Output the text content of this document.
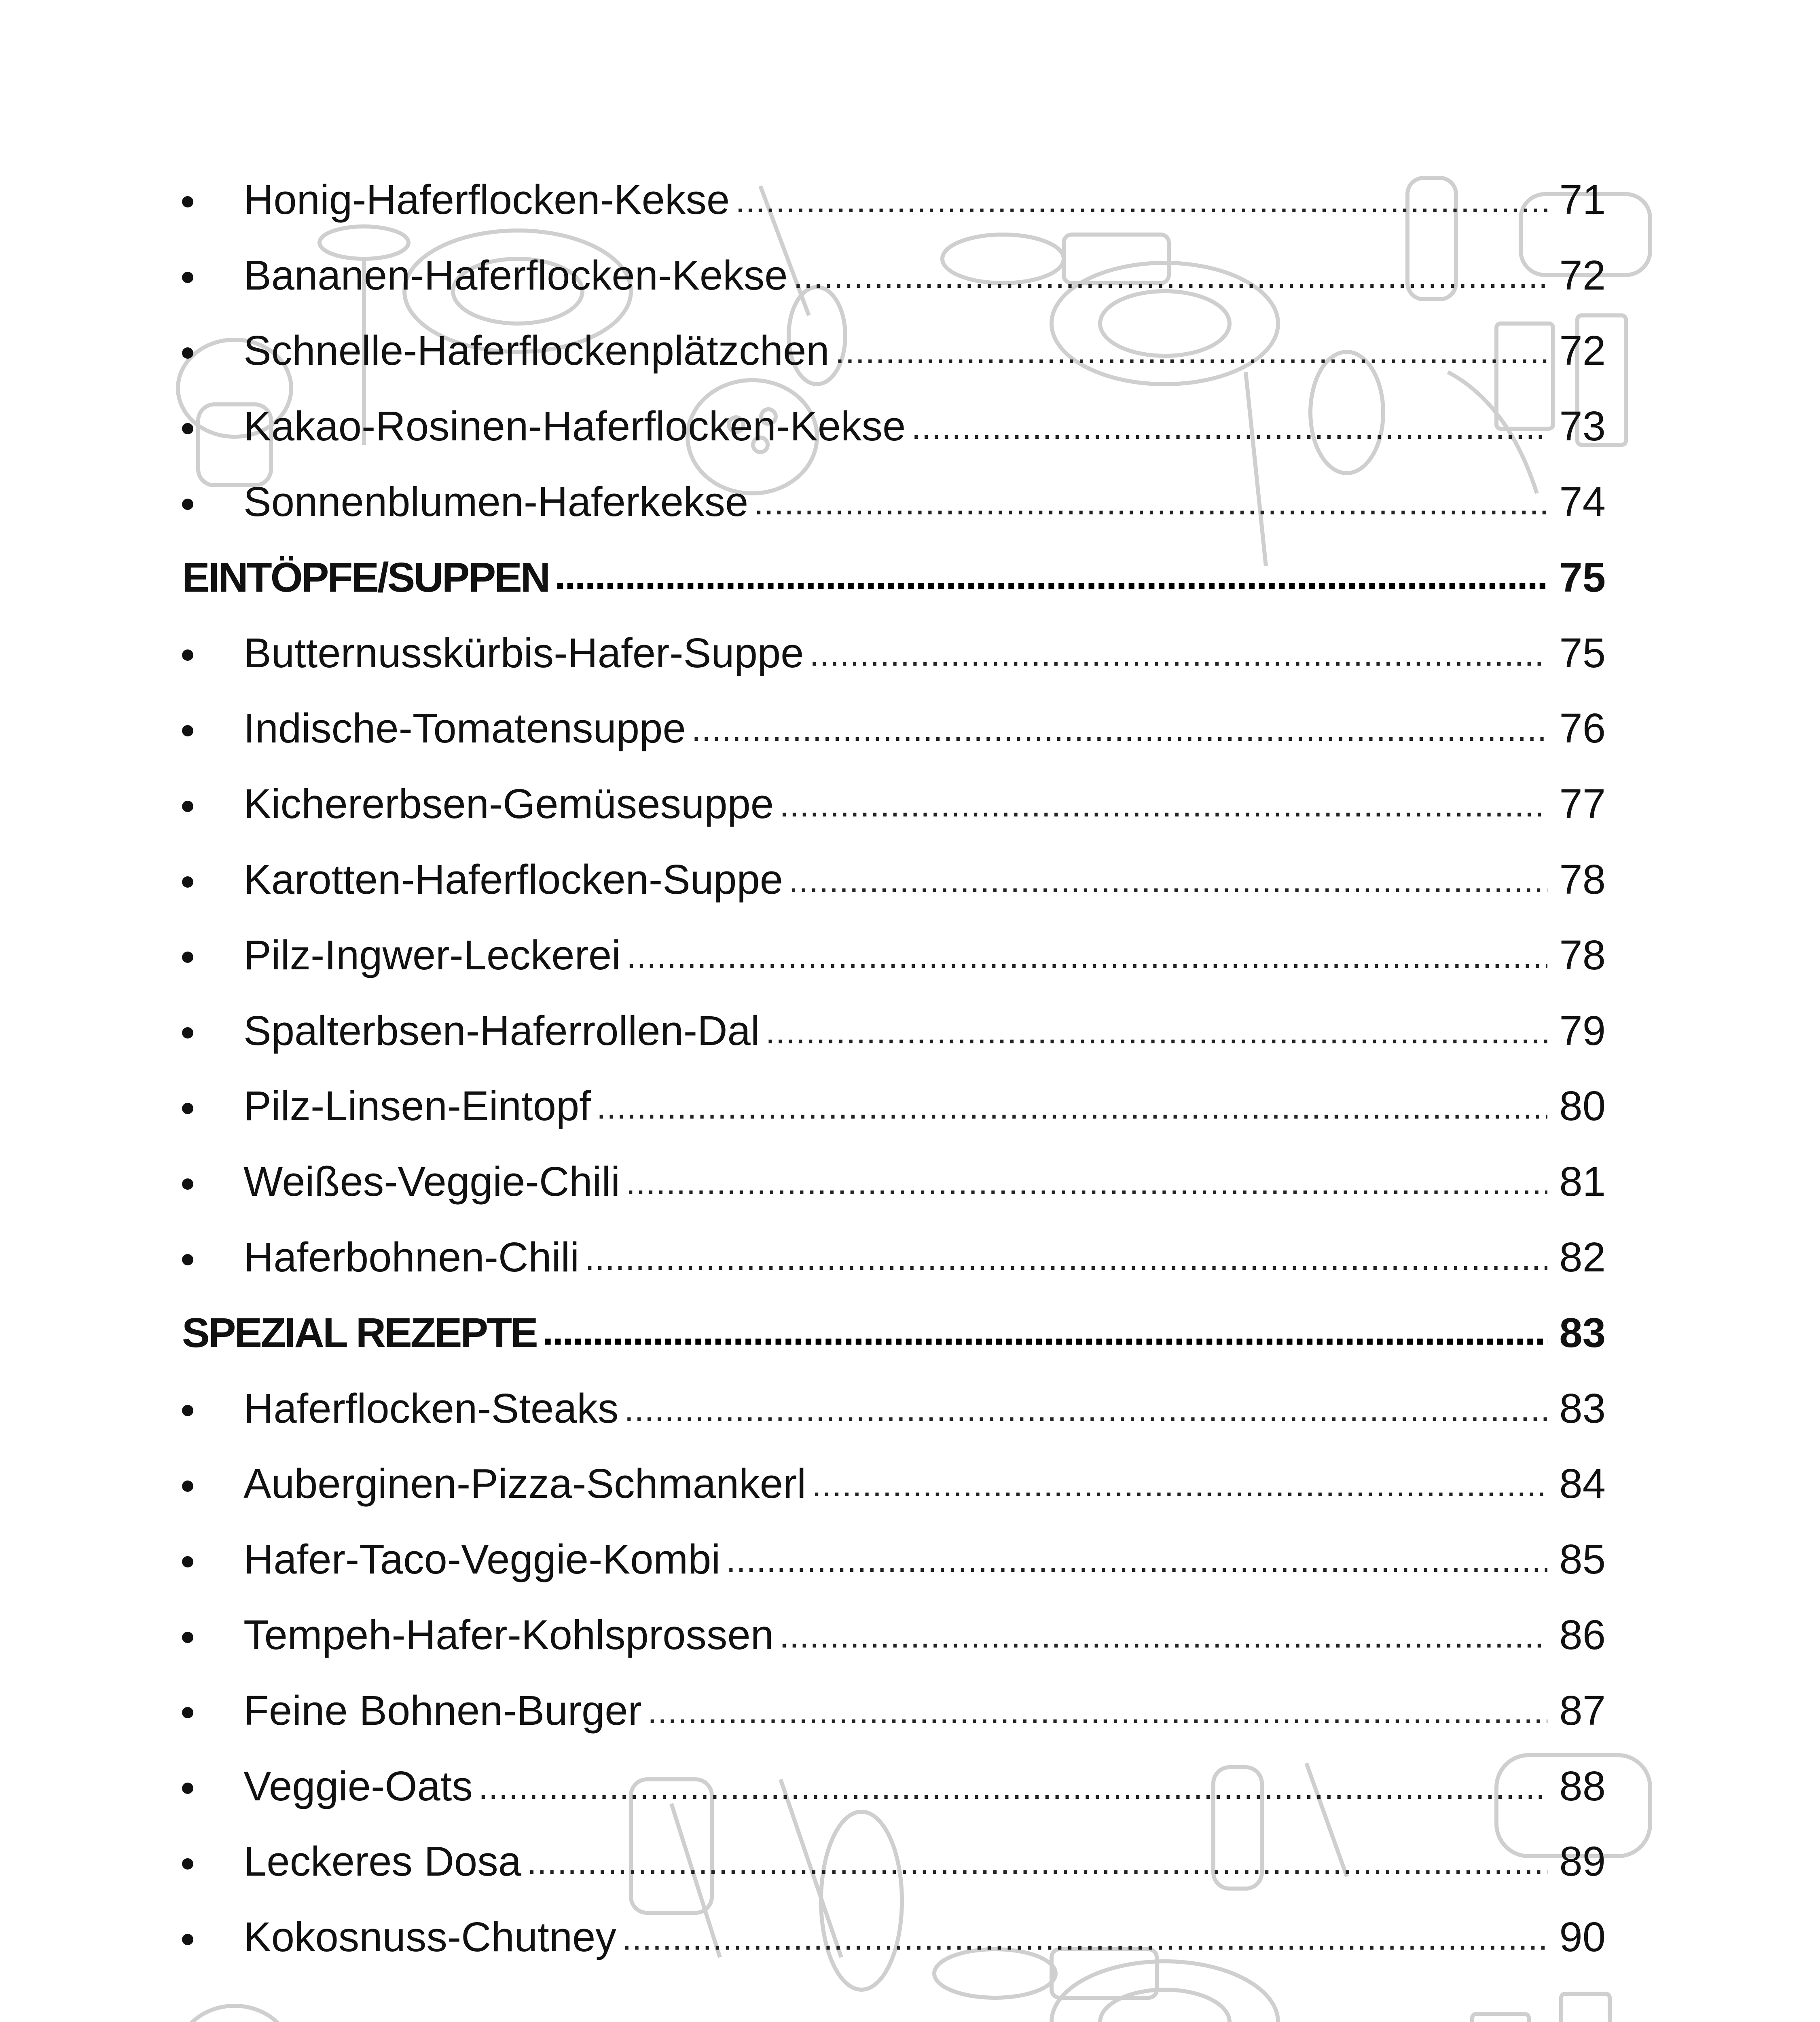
Honig-Haferflocken-Kekse .....	71
Bananen-Haferflocken-Kekse .....	72
Schnelle-Haferflockenplätzchen .....	72
Kakao-Rosinen-Haferflocken-Kekse .....	73
Sonnenblumen-Haferkekse .....	74
EINTÖPFE/SUPPEN .....	75
Butternusskürbis-Hafer-Suppe .....	75
Indische-Tomatensuppe .....	76
Kichererbsen-Gemüsesuppe .....	77
Karotten-Haferflocken-Suppe .....	78
Pilz-Ingwer-Leckerei .....	78
Spalterbsen-Haferrollen-Dal .....	79
Pilz-Linsen-Eintopf .....	80
Weißes-Veggie-Chili .....	81
Haferbohnen-Chili .....	82
SPEZIAL REZEPTE .....	83
Haferflocken-Steaks .....	83
Auberginen-Pizza-Schmankerl .....	84
Hafer-Taco-Veggie-Kombi .....	85
Tempeh-Hafer-Kohlsprossen .....	86
Feine Bohnen-Burger .....	87
Veggie-Oats .....	88
Leckeres Dosa .....	89
Kokosnuss-Chutney .....	90
